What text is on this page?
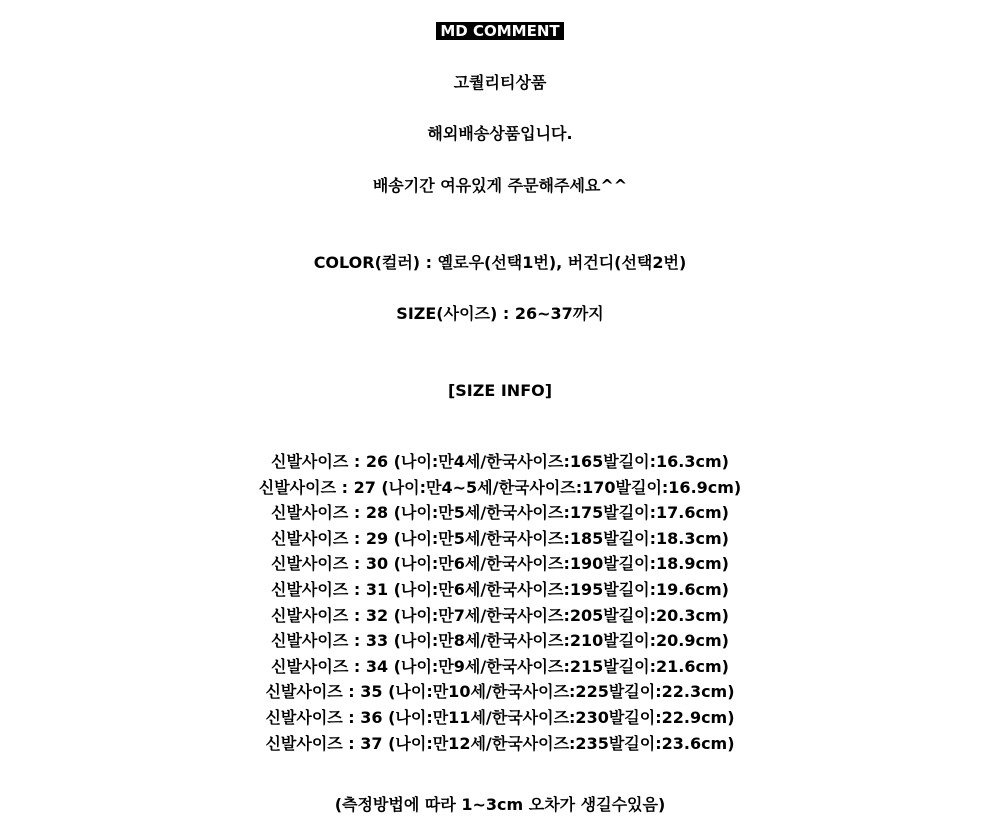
MD COMMENT
고퀄리티상품
해외배송상품입니다.
배송기간 여유있게 주문해주세요^^
COLOR(컬러) : 옐로우(선택1번), 버건디(선택2번)
SIZE(사이즈) : 26~37까지
[SIZE INFO]
신발사이즈 : 26 (나이:만4세/한국사이즈:165발길이:16.3cm)
신발사이즈 : 27 (나이:만4~5세/한국사이즈:170발길이:16.9cm)
신발사이즈 : 28 (나이:만5세/한국사이즈:175발길이:17.6cm)
신발사이즈 : 29 (나이:만5세/한국사이즈:185발길이:18.3cm)
신발사이즈 : 30 (나이:만6세/한국사이즈:190발길이:18.9cm)
신발사이즈 : 31 (나이:만6세/한국사이즈:195발길이:19.6cm)
신발사이즈 : 32 (나이:만7세/한국사이즈:205발길이:20.3cm)
신발사이즈 : 33 (나이:만8세/한국사이즈:210발길이:20.9cm)
신발사이즈 : 34 (나이:만9세/한국사이즈:215발길이:21.6cm)
신발사이즈 : 35 (나이:만10세/한국사이즈:225발길이:22.3cm)
신발사이즈 : 36 (나이:만11세/한국사이즈:230발길이:22.9cm)
신발사이즈 : 37 (나이:만12세/한국사이즈:235발길이:23.6cm)
(측정방법에 따라 1~3cm 오차가 생길수있음)
